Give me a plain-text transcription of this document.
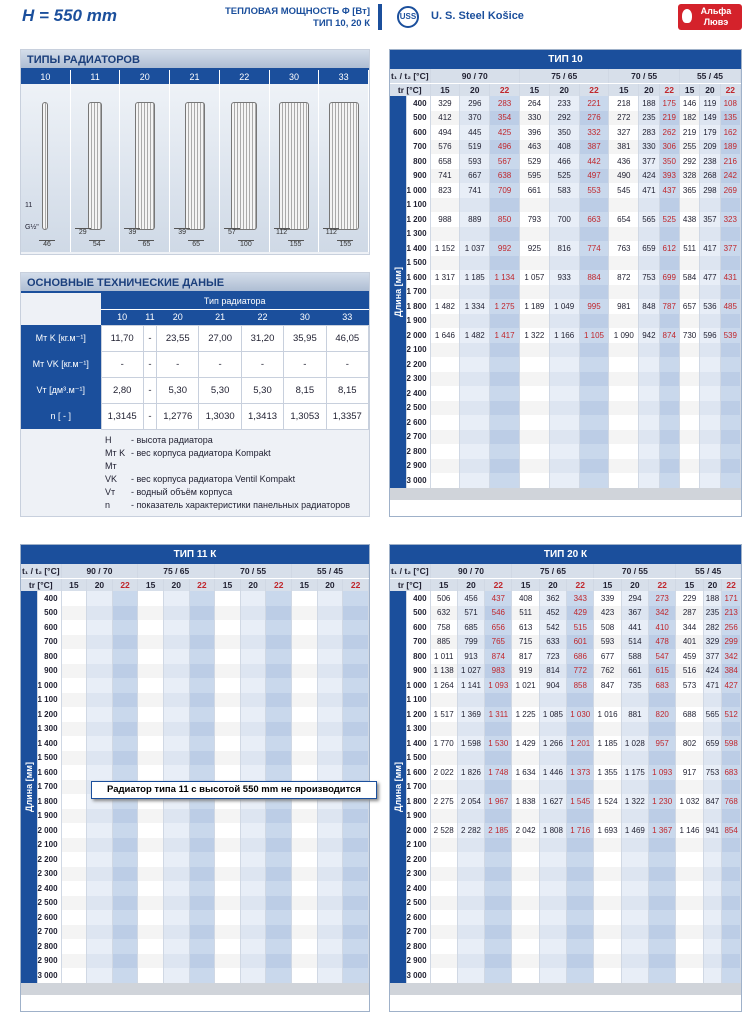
H = 550 mm	ТЕПЛОВАЯ МОЩНОСТЬ Φ [Вт]
ТИП 10, 20 К
USS U. S. Steel Košice	Альфа
Лювэ
ТИПЫ РАДИАТОРОВ
10	11	20	21	22	30	33
46
11
G½"
29
54
39
65
39
65
57
100
112
155
112
155
ОСНОВНЫЕ ТЕХНИЧЕСКИЕ ДАНЫЕ
	Тип радиатора						
	10	11	20	21	22	30	33
Mт K [кг.м⁻¹]	11,70	-	23,55	27,00	31,20	35,95	46,05
Mт VK [кг.м⁻¹]	-	-	-	-	-	-	-
Vт [дм³.м⁻¹]	2,80	-	5,30	5,30	5,30	8,15	8,15
n [ - ]	1,3145	-	1,2776	1,3030	1,3413	1,3053	1,3357
H - высота радиатора
Mт K - вес корпуса радиатора Kompakt
Mт VK - вес корпуса радиатора Ventil Kompakt
Vт - водный объём корпуса
n - показатель характеристики панельных радиаторов
ТИП 10
t₁ / t₂ [°C]		90 / 70			75 / 65			70 / 55			55 / 45		
tr [°C]		15	20	22	15	20	22	15	20	22	15	20	22

Длина [мм]	400	329	296	283	264	233	221	218	188	175	146	119	108
	500	412	370	354	330	292	276	272	235	219	182	149	135
	600	494	445	425	396	350	332	327	283	262	219	179	162
	700	576	519	496	463	408	387	381	330	306	255	209	189
	800	658	593	567	529	466	442	436	377	350	292	238	216
	900	741	667	638	595	525	497	490	424	393	328	268	242
	1 000	823	741	709	661	583	553	545	471	437	365	298	269
	1 100												
	1 200	988	889	850	793	700	663	654	565	525	438	357	323
	1 300												
	1 400	1 152	1 037	992	925	816	774	763	659	612	511	417	377
	1 500												
	1 600	1 317	1 185	1 134	1 057	933	884	872	753	699	584	477	431
	1 700												
	1 800	1 482	1 334	1 275	1 189	1 049	995	981	848	787	657	536	485
	1 900												
	2 000	1 646	1 482	1 417	1 322	1 166	1 105	1 090	942	874	730	596	539
	2 100												
	2 200												
	2 300												
	2 400												
	2 500												
	2 600												
	2 700												
	2 800												
	2 900												
	3 000												
ТИП 11 К
t₁ / t₂ [°C]		90 / 70			75 / 65			70 / 55			55 / 45		
tr [°C]		15	20	22	15	20	22	15	20	22	15	20	22

Длина [мм]	400												
	500												
	600												
	700												
	800												
	900												
	1 000												
	1 100												
	1 200												
	1 300												
	1 400												
	1 500												
	1 600												
	1 700												
	1 800												
	1 900												
	2 000												
	2 100												
	2 200												
	2 300												
	2 400												
	2 500												
	2 600												
	2 700												
	2 800												
	2 900												
	3 000												
Радиатор типа 11 с высотой 550 mm не производится
ТИП 20 К
t₁ / t₂ [°C]		90 / 70			75 / 65			70 / 55			55 / 45		
tr [°C]		15	20	22	15	20	22	15	20	22	15	20	22

Длина [мм]	400	506	456	437	408	362	343	339	294	273	229	188	171
	500	632	571	546	511	452	429	423	367	342	287	235	213
	600	758	685	656	613	542	515	508	441	410	344	282	256
	700	885	799	765	715	633	601	593	514	478	401	329	299
	800	1 011	913	874	817	723	686	677	588	547	459	377	342
	900	1 138	1 027	983	919	814	772	762	661	615	516	424	384
	1 000	1 264	1 141	1 093	1 021	904	858	847	735	683	573	471	427
	1 100												
	1 200	1 517	1 369	1 311	1 225	1 085	1 030	1 016	881	820	688	565	512
	1 300												
	1 400	1 770	1 598	1 530	1 429	1 266	1 201	1 185	1 028	957	802	659	598
	1 500												
	1 600	2 022	1 826	1 748	1 634	1 446	1 373	1 355	1 175	1 093	917	753	683
	1 700												
	1 800	2 275	2 054	1 967	1 838	1 627	1 545	1 524	1 322	1 230	1 032	847	768
	1 900												
	2 000	2 528	2 282	2 185	2 042	1 808	1 716	1 693	1 469	1 367	1 146	941	854
	2 100												
	2 200												
	2 300												
	2 400												
	2 500												
	2 600												
	2 700												
	2 800												
	2 900												
	3 000												
